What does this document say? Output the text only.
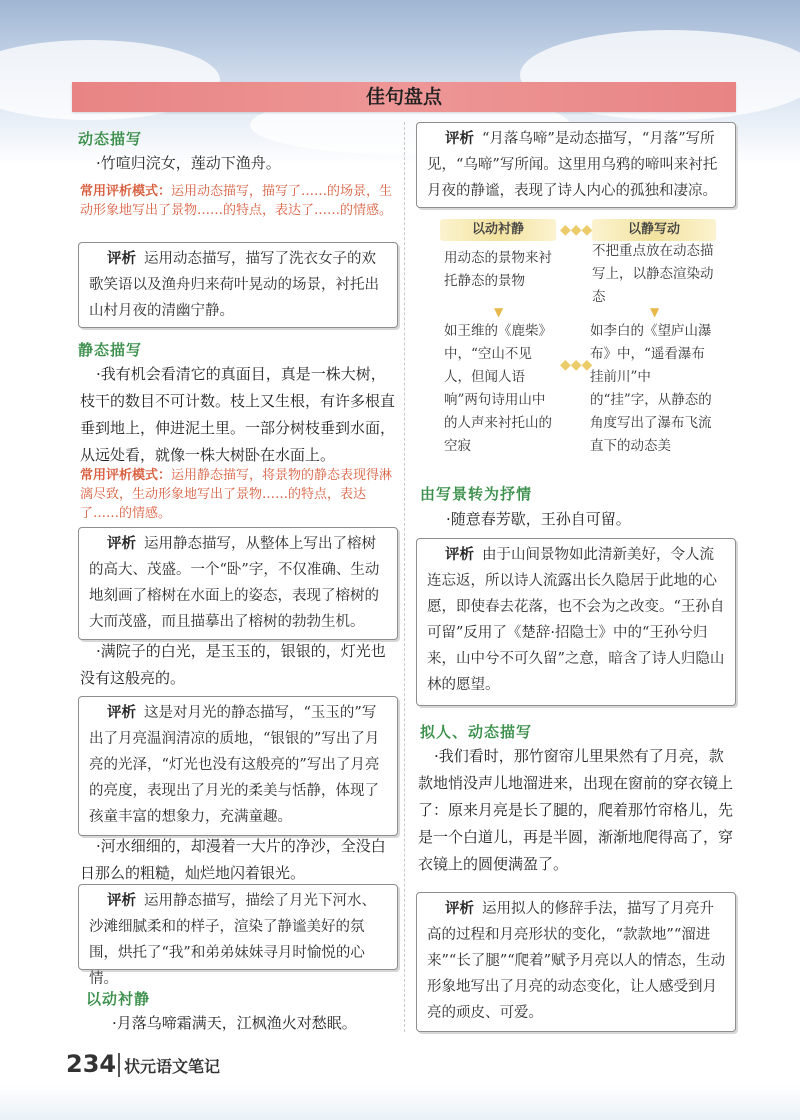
佳句盘点
动态描写
·竹喧归浣女，莲动下渔舟。
常用评析模式：运用动态描写，描写了……的场景，生动形象地写出了景物……的特点，表达了……的情感。
评析 运用动态描写，描写了洗衣女子的欢歌笑语以及渔舟归来荷叶晃动的场景，衬托出山村月夜的清幽宁静。
静态描写
·我有机会看清它的真面目，真是一株大树，枝干的数目不可计数。枝上又生根，有许多根直垂到地上，伸进泥土里。一部分树枝垂到水面，从远处看，就像一株大树卧在水面上。
常用评析模式：运用静态描写，将景物的静态表现得淋漓尽致，生动形象地写出了景物……的特点，表达了……的情感。
评析 运用静态描写，从整体上写出了榕树的高大、茂盛。一个“卧”字，不仅准确、生动地刻画了榕树在水面上的姿态，表现了榕树的大而茂盛，而且描摹出了榕树的勃勃生机。
·满院子的白光，是玉玉的，银银的，灯光也没有这般亮的。
评析 这是对月光的静态描写，“玉玉的”写出了月亮温润清凉的质地，“银银的”写出了月亮的光泽，“灯光也没有这般亮的”写出了月亮的亮度，表现出了月光的柔美与恬静，体现了孩童丰富的想象力，充满童趣。
·河水细细的，却漫着一大片的净沙，全没白日那么的粗糙，灿烂地闪着银光。
评析 运用静态描写，描绘了月光下河水、沙滩细腻柔和的样子，渲染了静谧美好的氛围，烘托了“我”和弟弟妹妹寻月时愉悦的心情。
以动衬静
·月落乌啼霜满天，江枫渔火对愁眠。
评析 “月落乌啼”是动态描写，“月落”写所见，“乌啼”写所闻。这里用乌鸦的啼叫来衬托月夜的静谧，表现了诗人内心的孤独和凄凉。
以动衬静	以静写动
◆◆◆
用动态的景物来衬托静态的景物
不把重点放在动态描写上，以静态渲染动态
▼	▼
如王维的《鹿柴》中，“空山不见人，但闻人语响”两句诗用山中的人声来衬托山的空寂
◆◆◆
如李白的《望庐山瀑布》中，“遥看瀑布挂前川”中的“挂”字，从静态的角度写出了瀑布飞流直下的动态美
由写景转为抒情
·随意春芳歇，王孙自可留。
评析 由于山间景物如此清新美好，令人流连忘返，所以诗人流露出长久隐居于此地的心愿，即使春去花落，也不会为之改变。“王孙自可留”反用了《楚辞·招隐士》中的“王孙兮归来，山中兮不可久留”之意，暗含了诗人归隐山林的愿望。
拟人、动态描写
·我们看时，那竹窗帘儿里果然有了月亮，款款地悄没声儿地溜进来，出现在窗前的穿衣镜上了：原来月亮是长了腿的，爬着那竹帘格儿，先是一个白道儿，再是半圆，渐渐地爬得高了，穿衣镜上的圆便满盈了。
评析 运用拟人的修辞手法，描写了月亮升高的过程和月亮形状的变化，“款款地”“溜进来”“长了腿”“爬着”赋予月亮以人的情态，生动形象地写出了月亮的动态变化，让人感受到月亮的顽皮、可爱。
234 状元语文笔记
